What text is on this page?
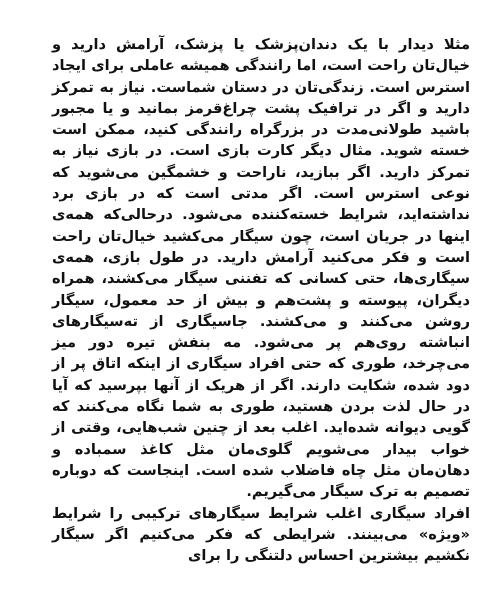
مثلا دیدار با یک دندان‌پزشک یا پزشک، آرامش دارید و خیال‌تان راحت است، اما رانندگی همیشه عاملی برای ایجاد استرس است. زندگی‌تان در دستان شماست. نیاز به تمرکز دارید و اگر در ترافیک پشت چراغ‌قرمز بمانید و یا مجبور باشید طولانی‌مدت در بزرگراه رانندگی کنید، ممکن است خسته شوید. مثال دیگر کارت بازی است. در بازی نیاز به تمرکز دارید. اگر ببازید، ناراحت و خشمگین می‌شوید که نوعی استرس است. اگر مدتی است که در بازی برد نداشته‌اید، شرایط خسته‌کننده می‌شود. درحالی‌که همه‌ی اینها در جریان است، چون سیگار می‌کشید خیال‌تان راحت است و فکر می‌کنید آرامش دارید. در طول بازی، همه‌ی سیگاری‌ها، حتی کسانی که تفننی سیگار می‌کشند، همراه دیگران، پیوسته و پشت‌هم و بیش از حد معمول، سیگار روشن می‌کنند و می‌کشند. جاسیگاری از ته‌سیگارهای انباشته روی‌هم پر می‌شود. مه بنفش تیره دور میز می‌چرخد، طوری که حتی افراد سیگاری از اینکه اتاق پر از دود شده، شکایت دارند. اگر از هریک از آنها بپرسید که آیا در حال لذت بردن هستید، طوری به شما نگاه می‌کنند که گویی دیوانه شده‌اید. اغلب بعد از چنین شب‌هایی، وقتی از خواب بیدار می‌شویم گلوی‌مان مثل کاغذ سمباده و دهان‌مان مثل چاه فاضلاب شده است. اینجاست که دوباره تصمیم به ترک سیگار می‌گیریم.

افراد سیگاری اغلب شرایط سیگارهای ترکیبی را شرایط «ویژه» می‌بینند. شرایطی که فکر می‌کنیم اگر سیگار نکشیم بیشترین احساس دلتنگی را برای
